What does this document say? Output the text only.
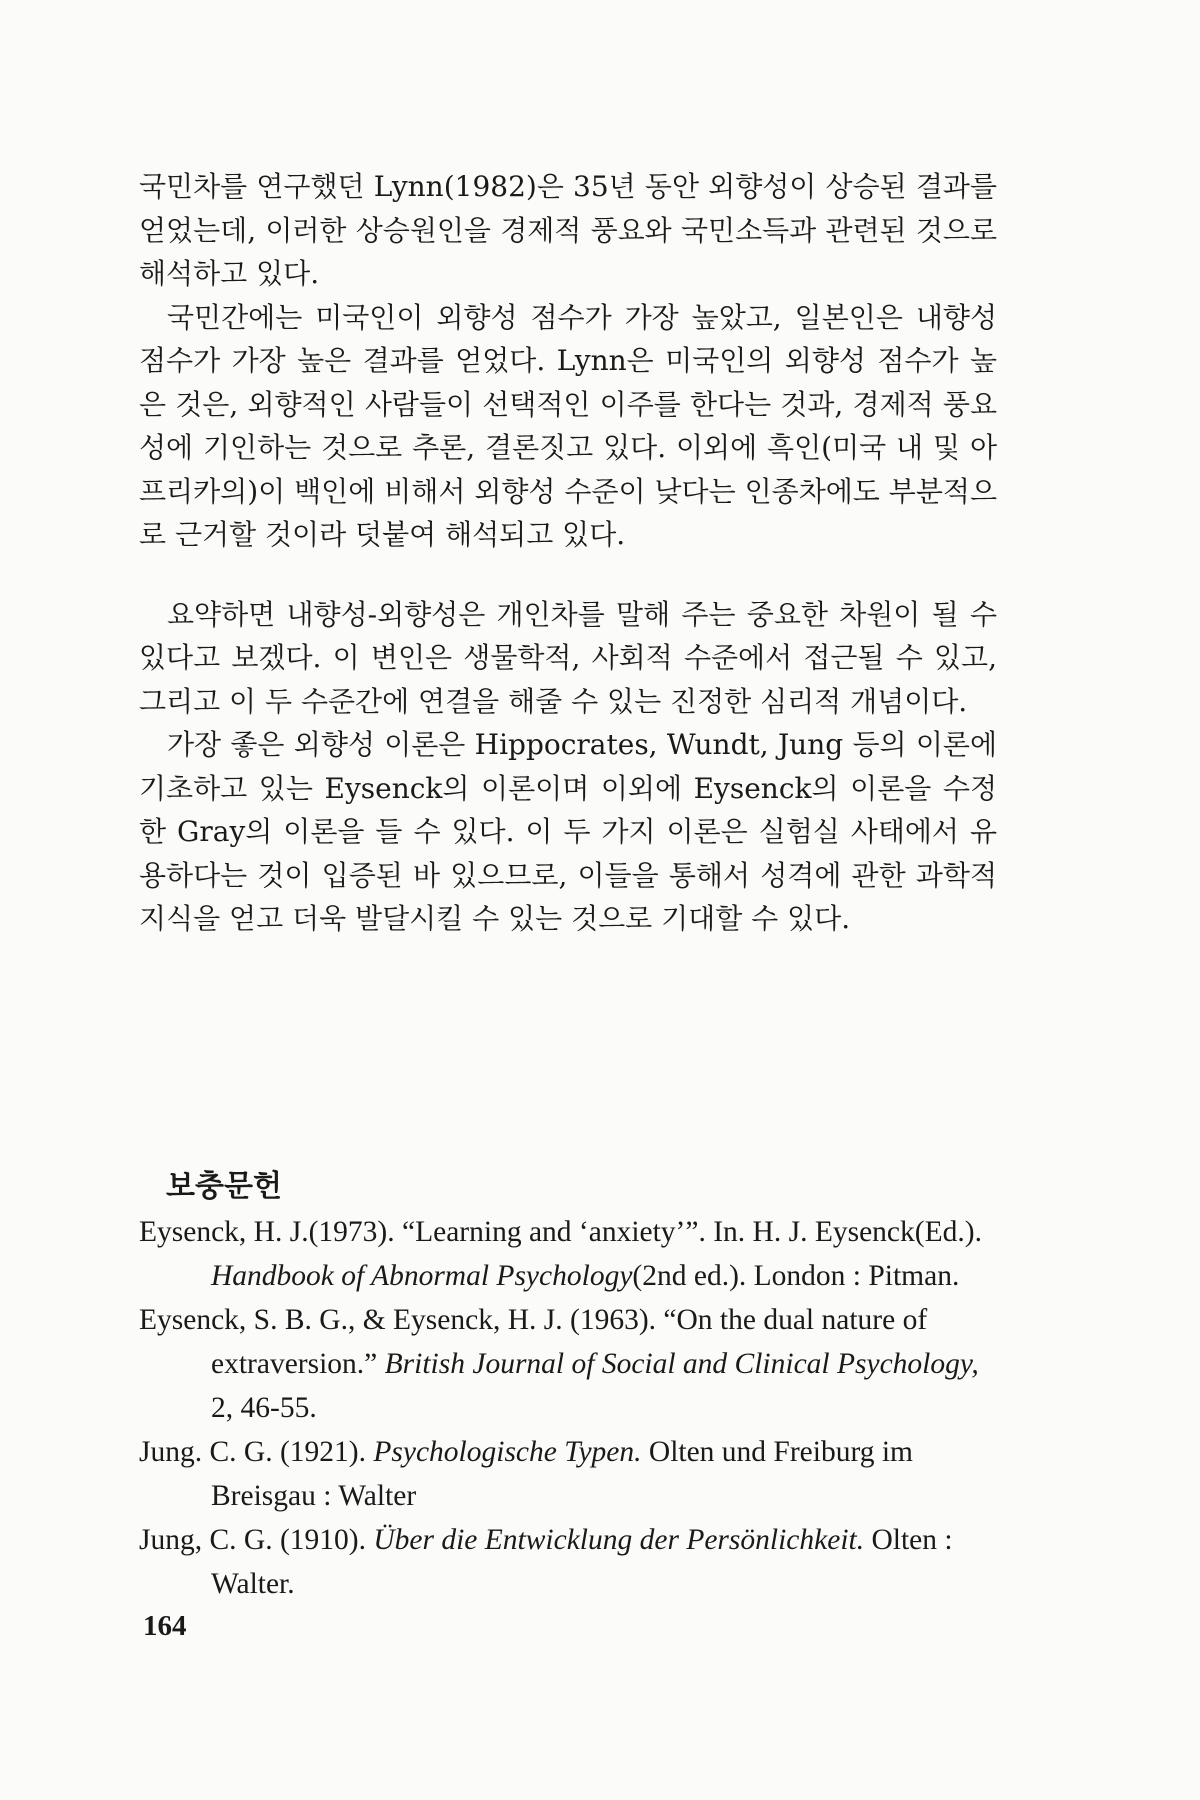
국민차를 연구했던 Lynn(1982)은 35년 동안 외향성이 상승된 결과를 얻었는데, 이러한 상승원인을 경제적 풍요와 국민소득과 관련된 것으로 해석하고 있다.

국민간에는 미국인이 외향성 점수가 가장 높았고, 일본인은 내향성 점수가 가장 높은 결과를 얻었다. Lynn은 미국인의 외향성 점수가 높은 것은, 외향적인 사람들이 선택적인 이주를 한다는 것과, 경제적 풍요성에 기인하는 것으로 추론, 결론짓고 있다. 이외에 흑인(미국 내 및 아프리카의)이 백인에 비해서 외향성 수준이 낮다는 인종차에도 부분적으로 근거할 것이라 덧붙여 해석되고 있다.

요약하면 내향성-외향성은 개인차를 말해 주는 중요한 차원이 될 수 있다고 보겠다. 이 변인은 생물학적, 사회적 수준에서 접근될 수 있고, 그리고 이 두 수준간에 연결을 해줄 수 있는 진정한 심리적 개념이다.

가장 좋은 외향성 이론은 Hippocrates, Wundt, Jung 등의 이론에 기초하고 있는 Eysenck의 이론이며 이외에 Eysenck의 이론을 수정한 Gray의 이론을 들 수 있다. 이 두 가지 이론은 실험실 사태에서 유용하다는 것이 입증된 바 있으므로, 이들을 통해서 성격에 관한 과학적 지식을 얻고 더욱 발달시킬 수 있는 것으로 기대할 수 있다.

보충문헌
Eysenck, H. J.(1973). “Learning and ‘anxiety’”. In. H. J. Eysenck(Ed.). Handbook of Abnormal Psychology(2nd ed.). London : Pitman.
Eysenck, S. B. G., & Eysenck, H. J. (1963). “On the dual nature of extraversion.” British Journal of Social and Clinical Psychology, 2, 46-55.
Jung. C. G. (1921). Psychologische Typen. Olten und Freiburg im Breisgau : Walter
Jung, C. G. (1910). Über die Entwicklung der Persönlichkeit. Olten : Walter.
164
